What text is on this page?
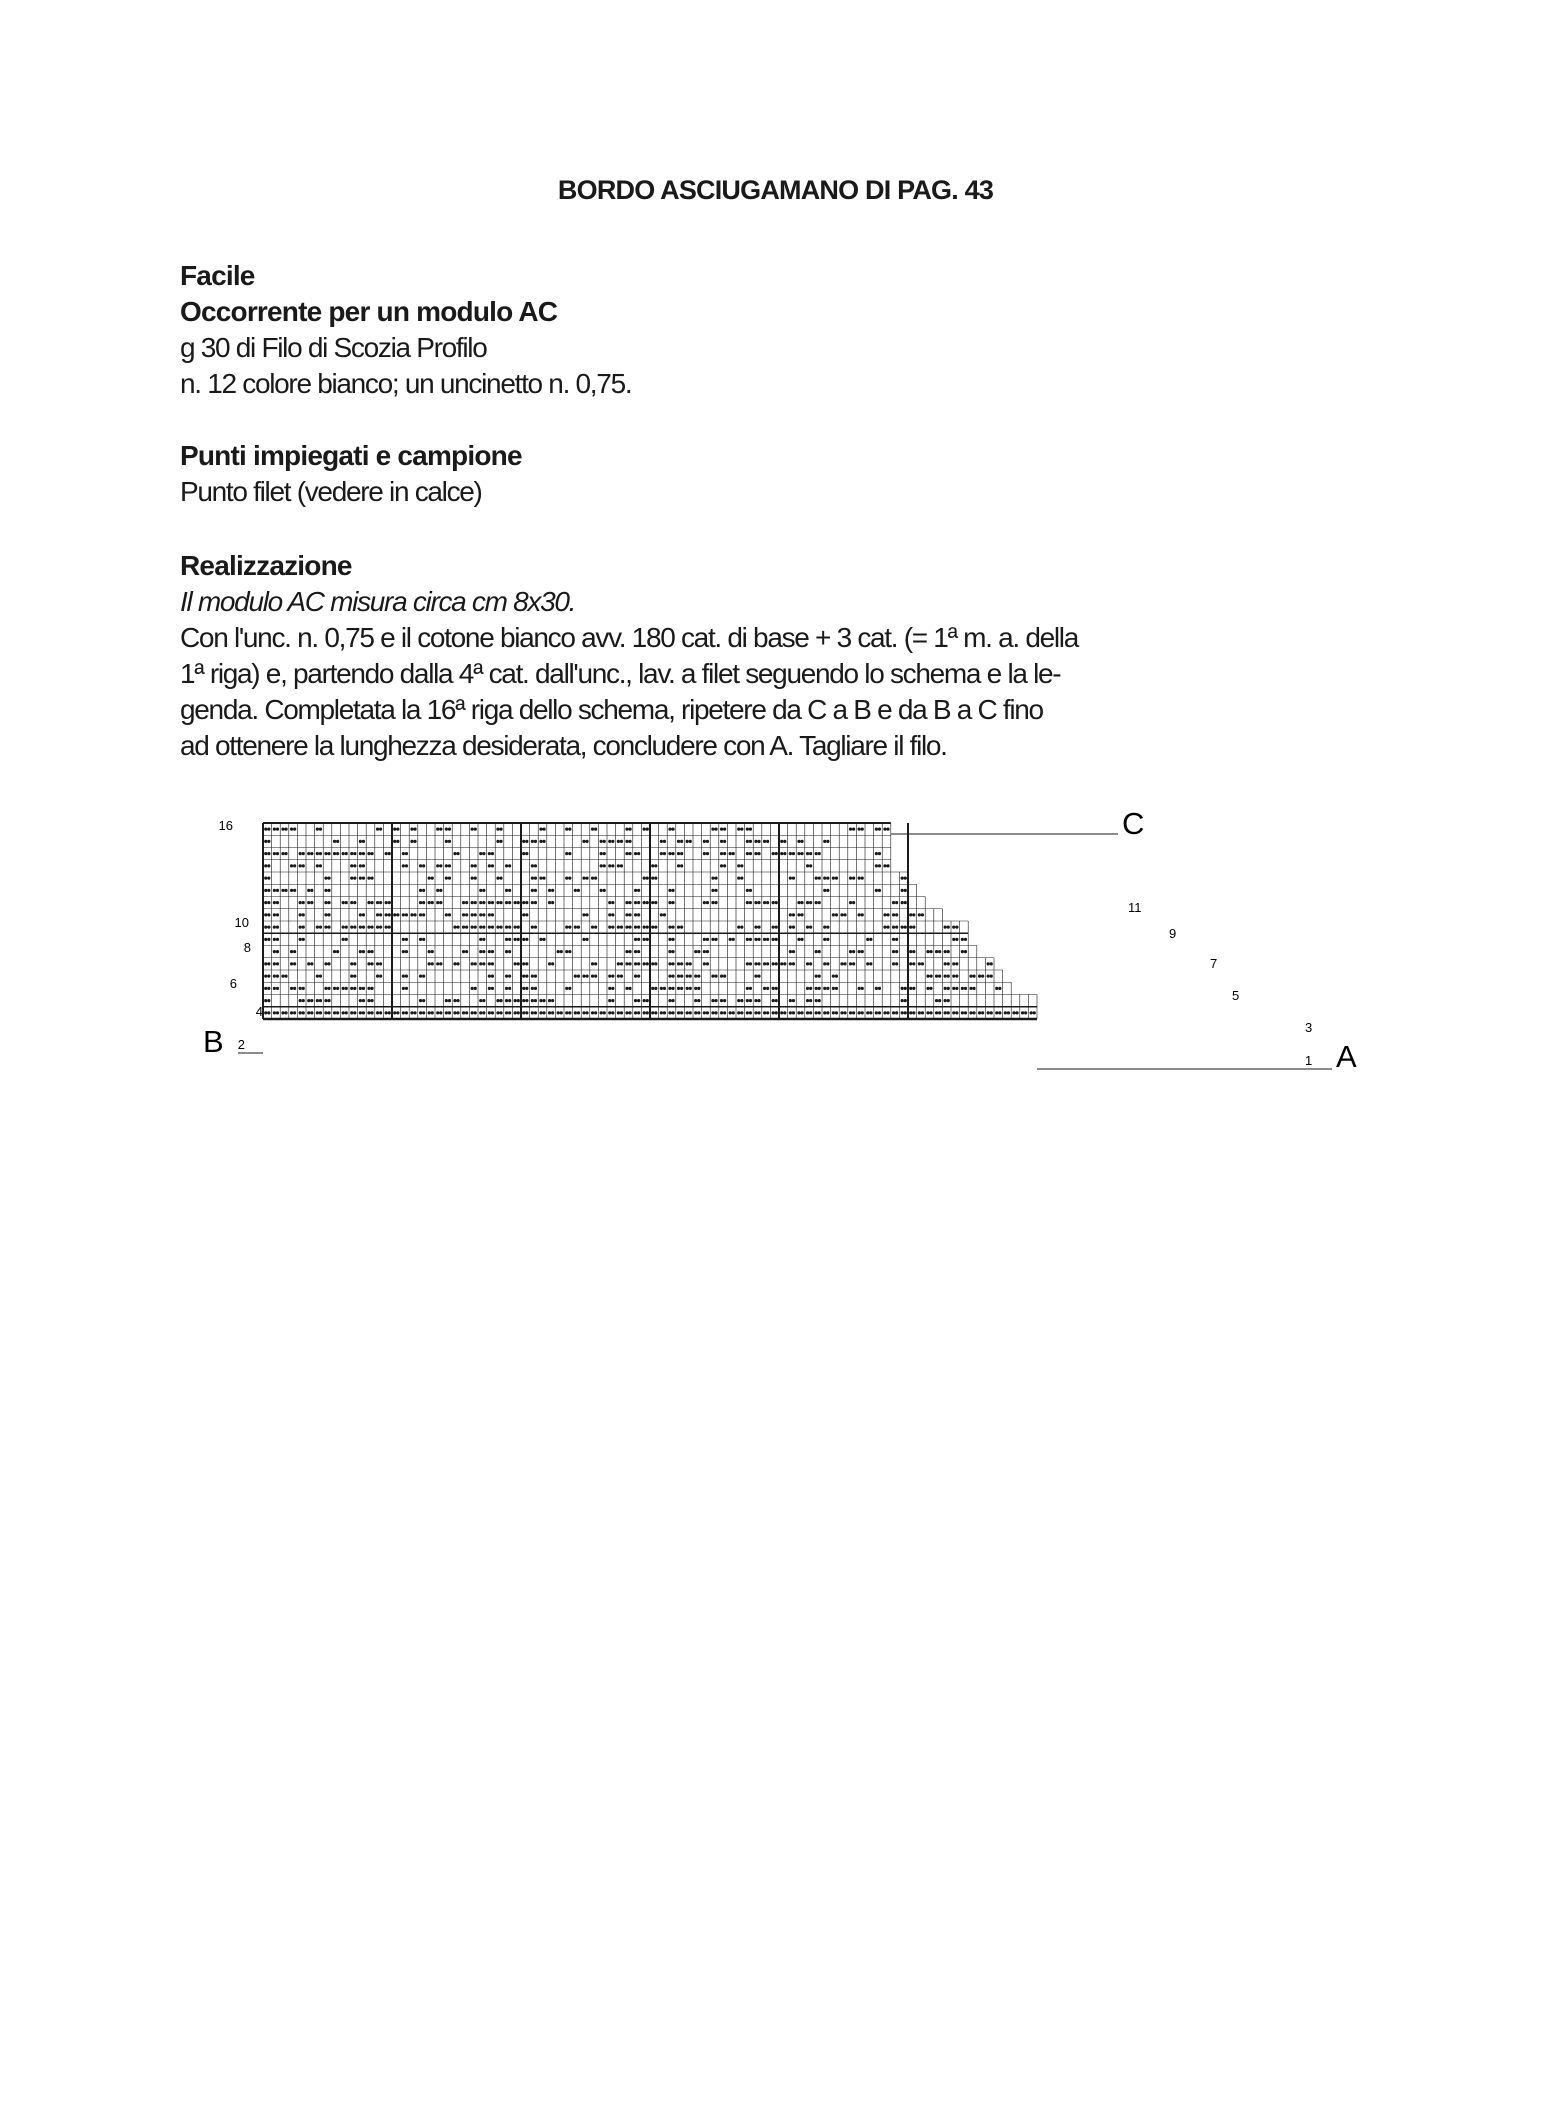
BORDO ASCIUGAMANO DI PAG. 43
Facile
Occorrente per un modulo AC
g 30 di Filo di Scozia Profilo
n. 12 colore bianco; un uncinetto n. 0,75.
Punti impiegati e campione
Punto filet (vedere in calce)
Realizzazione
Il modulo AC misura circa cm 8x30.
Con l'unc. n. 0,75 e il cotone bianco avv. 180 cat. di base + 3 cat. (= 1ª m. a. della
1ª riga) e, partendo dalla 4ª cat. dall'unc., lav. a filet seguendo lo schema e la le-
genda. Completata la 16ª riga dello schema, ripetere da C a B e da B a C fino
ad ottenere la lunghezza desiderata, concludere con A. Tagliare il filo.
16
10
8
6
4
2
11
9
7
5
3
1
C
B	A
